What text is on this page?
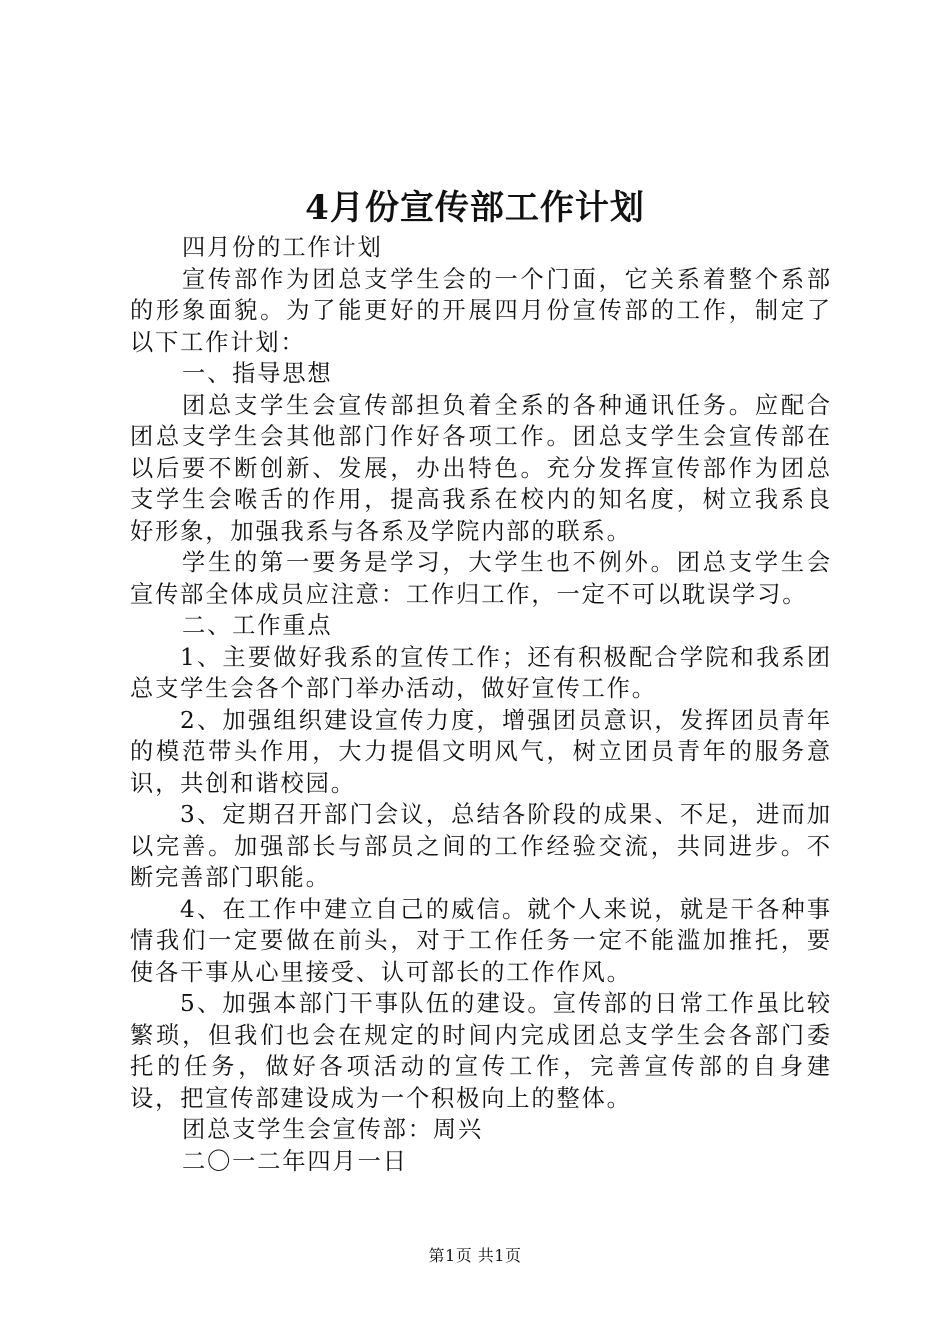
4月份宣传部工作计划

四月份的工作计划

宣传部作为团总支学生会的一个门面，它关系着整个系部的形象面貌。为了能更好的开展四月份宣传部的工作，制定了以下工作计划：

一、指导思想

团总支学生会宣传部担负着全系的各种通讯任务。应配合团总支学生会其他部门作好各项工作。团总支学生会宣传部在以后要不断创新、发展，办出特色。充分发挥宣传部作为团总支学生会喉舌的作用，提高我系在校内的知名度，树立我系良好形象，加强我系与各系及学院内部的联系。

学生的第一要务是学习，大学生也不例外。团总支学生会宣传部全体成员应注意：工作归工作，一定不可以耽误学习。

二、工作重点

1、主要做好我系的宣传工作；还有积极配合学院和我系团总支学生会各个部门举办活动，做好宣传工作。

2、加强组织建设宣传力度，增强团员意识，发挥团员青年的模范带头作用，大力提倡文明风气，树立团员青年的服务意识，共创和谐校园。

3、定期召开部门会议，总结各阶段的成果、不足，进而加以完善。加强部长与部员之间的工作经验交流，共同进步。不断完善部门职能。

4、在工作中建立自己的威信。就个人来说，就是干各种事情我们一定要做在前头，对于工作任务一定不能滥加推托，要使各干事从心里接受、认可部长的工作作风。

5、加强本部门干事队伍的建设。宣传部的日常工作虽比较繁琐，但我们也会在规定的时间内完成团总支学生会各部门委托的任务，做好各项活动的宣传工作，完善宣传部的自身建设，把宣传部建设成为一个积极向上的整体。

团总支学生会宣传部：周兴

二〇一二年四月一日

第1页 共1页
